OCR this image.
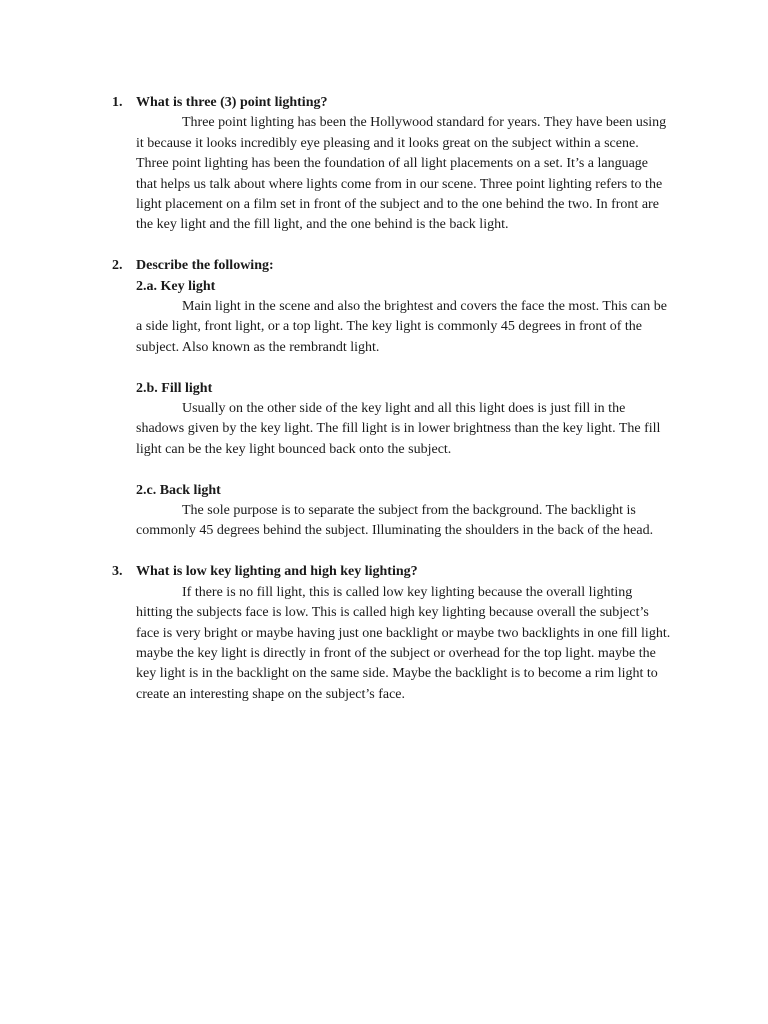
1. What is three (3) point lighting?

Three point lighting has been the Hollywood standard for years. They have been using it because it looks incredibly eye pleasing and it looks great on the subject within a scene. Three point lighting has been the foundation of all light placements on a set. It’s a language that helps us talk about where lights come from in our scene. Three point lighting refers to the light placement on a film set in front of the subject and to the one behind the two. In front are the key light and the fill light, and the one behind is the back light.

2. Describe the following:
2.a. Key light

Main light in the scene and also the brightest and covers the face the most. This can be a side light, front light, or a top light. The key light is commonly 45 degrees in front of the subject. Also known as the rembrandt light.

2.b. Fill light

Usually on the other side of the key light and all this light does is just fill in the shadows given by the key light. The fill light is in lower brightness than the key light. The fill light can be the key light bounced back onto the subject.

2.c. Back light

The sole purpose is to separate the subject from the background. The backlight is commonly 45 degrees behind the subject. Illuminating the shoulders in the back of the head.

3. What is low key lighting and high key lighting?

If there is no fill light, this is called low key lighting because the overall lighting hitting the subjects face is low. This is called high key lighting because overall the subject’s face is very bright or maybe having just one backlight or maybe two backlights in one fill light. maybe the key light is directly in front of the subject or overhead for the top light. maybe the key light is in the backlight on the same side. Maybe the backlight is to become a rim light to create an interesting shape on the subject’s face.
